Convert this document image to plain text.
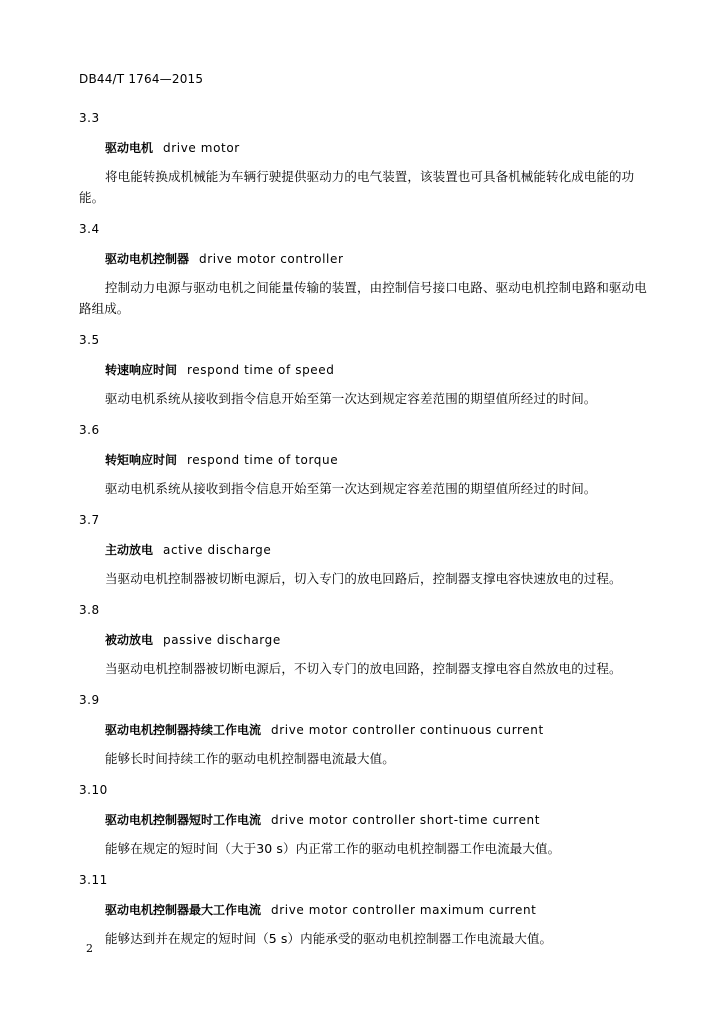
DB44/T 1764—2015
3.3
驱动电机 drive motor
将电能转换成机械能为车辆行驶提供驱动力的电气装置，该装置也可具备机械能转化成电能的功能。
3.4
驱动电机控制器 drive motor controller
控制动力电源与驱动电机之间能量传输的装置，由控制信号接口电路、驱动电机控制电路和驱动电路组成。
3.5
转速响应时间 respond time of speed
驱动电机系统从接收到指令信息开始至第一次达到规定容差范围的期望值所经过的时间。
3.6
转矩响应时间 respond time of torque
驱动电机系统从接收到指令信息开始至第一次达到规定容差范围的期望值所经过的时间。
3.7
主动放电 active discharge
当驱动电机控制器被切断电源后，切入专门的放电回路后，控制器支撑电容快速放电的过程。
3.8
被动放电 passive discharge
当驱动电机控制器被切断电源后，不切入专门的放电回路，控制器支撑电容自然放电的过程。
3.9
驱动电机控制器持续工作电流 drive motor controller continuous current
能够长时间持续工作的驱动电机控制器电流最大值。
3.10
驱动电机控制器短时工作电流 drive motor controller short-time current
能够在规定的短时间（大于30 s）内正常工作的驱动电机控制器工作电流最大值。
3.11
驱动电机控制器最大工作电流 drive motor controller maximum current
能够达到并在规定的短时间（5 s）内能承受的驱动电机控制器工作电流最大值。
2
